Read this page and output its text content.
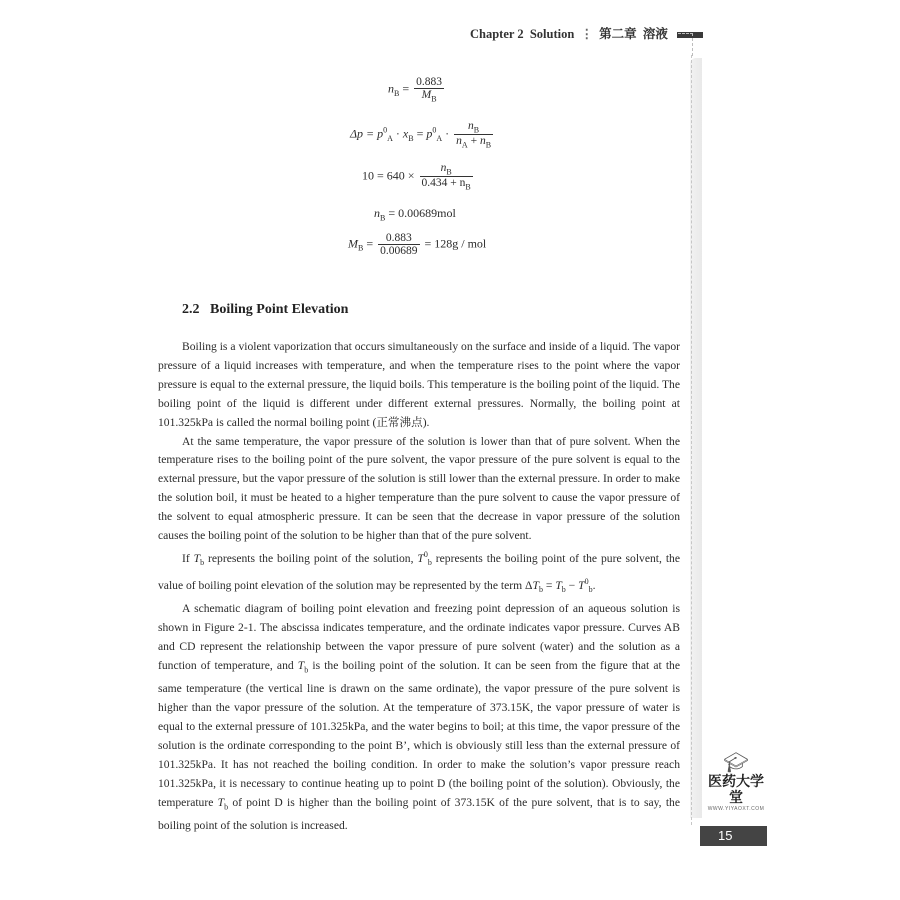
Chapter 2 Solution ⋮ 第二章 溶液
$n_B = \frac{0.883}{M_B}$
$\Delta p = p^0_A \cdot x_B = p^0_A \cdot \frac{n_B}{n_A + n_B}$
$10 = 640 \times \frac{n_B}{0.434 + n_B}$
$n_B = 0.00689mol$
$M_B = \frac{0.883}{0.00689} = 128g$ / mol
2.2 Boiling Point Elevation

Boiling is a violent vaporization that occurs simultaneously on the surface and inside of a liquid. The vapor pressure of a liquid increases with temperature, and when the temperature rises to the point where the vapor pressure is equal to the external pressure, the liquid boils. This temperature is the boiling point of the liquid. The boiling point of the liquid is different under different external pressures. Normally, the boiling point at 101.325kPa is called the normal boiling point (正常沸点).

At the same temperature, the vapor pressure of the solution is lower than that of pure solvent. When the temperature rises to the boiling point of the pure solvent, the vapor pressure of the pure solvent is equal to the external pressure, but the vapor pressure of the solution is still lower than the external pressure. In order to make the solution boil, it must be heated to a higher temperature than the pure solvent to cause the vapor pressure of the solvent to equal atmospheric pressure. It can be seen that the decrease in vapor pressure of the solution causes the boiling point of the solution to be higher than that of the pure solvent.

If $T_b$ represents the boiling point of the solution, $T^0_b$ represents the boiling point of the pure solvent, the value of boiling point elevation of the solution may be represented by the term $\Delta T_b = T_b - T^0_b$.

A schematic diagram of boiling point elevation and freezing point depression of an aqueous solution is shown in Figure 2-1. The abscissa indicates temperature, and the ordinate indicates vapor pressure. Curves AB and CD represent the relationship between the vapor pressure of pure solvent (water) and the solution as a function of temperature, and $T_b$ is the boiling point of the solution. It can be seen from the figure that at the same temperature (the vertical line is drawn on the same ordinate), the vapor pressure of the pure solvent is higher than the vapor pressure of the solution. At the temperature of 373.15K, the vapor pressure of water is equal to the external pressure of 101.325kPa, and the water begins to boil; at this time, the vapor pressure of the solution is the ordinate corresponding to the point B’, which is obviously still less than the external pressure of 101.325kPa. It has not reached the boiling condition. In order to make the solution’s vapor pressure reach 101.325kPa, it is necessary to continue heating up to point D (the boiling point of the solution). Obviously, the temperature $T_b$ of point D is higher than the boiling point of 373.15K of the pure solvent, that is to say, the boiling point of the solution is increased.

🎓︎
医药大学堂
WWW.YIYAOXT.COM
15
